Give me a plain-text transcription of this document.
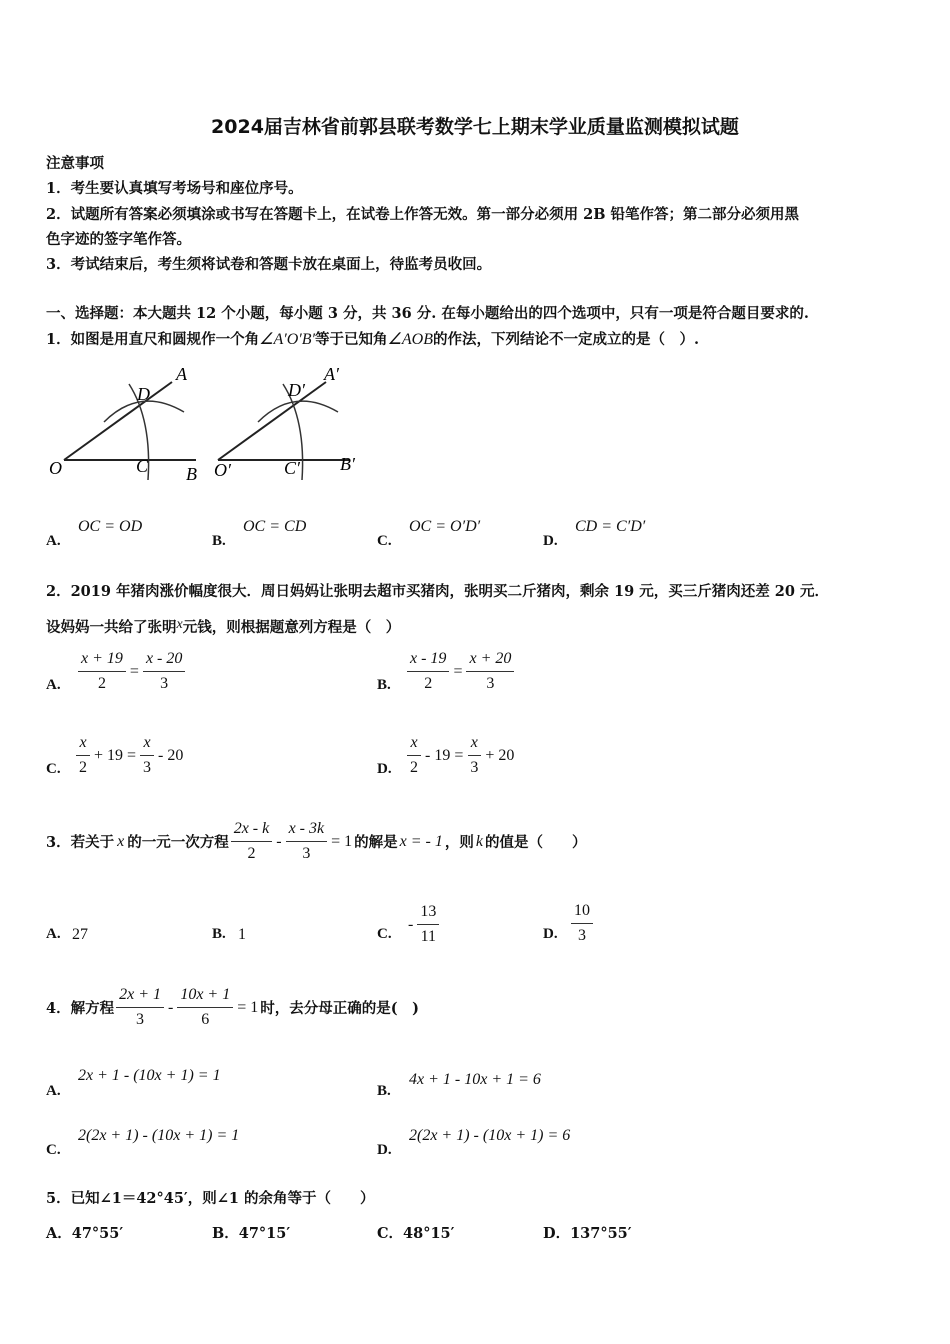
2024届吉林省前郭县联考数学七上期末学业质量监测模拟试题
注意事项
1．考生要认真填写考场号和座位序号。
2．试题所有答案必须填涂或书写在答题卡上，在试卷上作答无效。第一部分必须用 2B 铅笔作答；第二部分必须用黑
色字迹的签字笔作答。
3．考试结束后，考生须将试卷和答题卡放在桌面上，待监考员收回。
一、选择题：本大题共 12 个小题，每小题 3 分，共 36 分. 在每小题给出的四个选项中，只有一项是符合题目要求的.
1．如图是用直尺和圆规作一个角∠A′O′B′等于已知角∠AOB的作法，下列结论不一定成立的是（　）.
O	C B
D
A
O′	C′ B′
D′
A′
A.
OC = OD
B.
OC = CD
C.
OC = O′D′
D.
CD = C′D′
2．2019 年猪肉涨价幅度很大．周日妈妈让张明去超市买猪肉，张明买二斤猪肉，剩余 19 元，买三斤猪肉还差 20 元．
设妈妈一共给了张明x元钱，则根据题意列方程是（　）
A. $\frac{x + 19}{2} = \frac{x - 20}{3}$	B. $\frac{x - 19}{2} = \frac{x + 20}{3}$
C. $\frac{x}{2} + 19 = \frac{x}{3} - 20$
D. $\frac{x}{2} - 19 = \frac{x}{3} + 20$
3．若关于 x 的一元一次方程 $\frac{2x - k}{2} - \frac{x - 3k}{3} = 1$ 的解是 x = - 1 ，则 k 的值是（　　）
A. 27	B. 1	C.
- $\frac{13}{11}$	D. $\frac{10}{3}$
4．解方程 $\frac{2x + 1}{3} - \frac{10x + 1}{6} = 1$ 时，去分母正确的是(　)
A.
2x + 1 - (10x + 1) = 1
B.
4x + 1 - 10x + 1 = 6
C.
2(2x + 1) - (10x + 1) = 1
D.
2(2x + 1) - (10x + 1) = 6
5．已知∠1＝42°45′，则∠1 的余角等于（　　）
A．47°55′	B．47°15′	C．48°15′	D．137°55′
